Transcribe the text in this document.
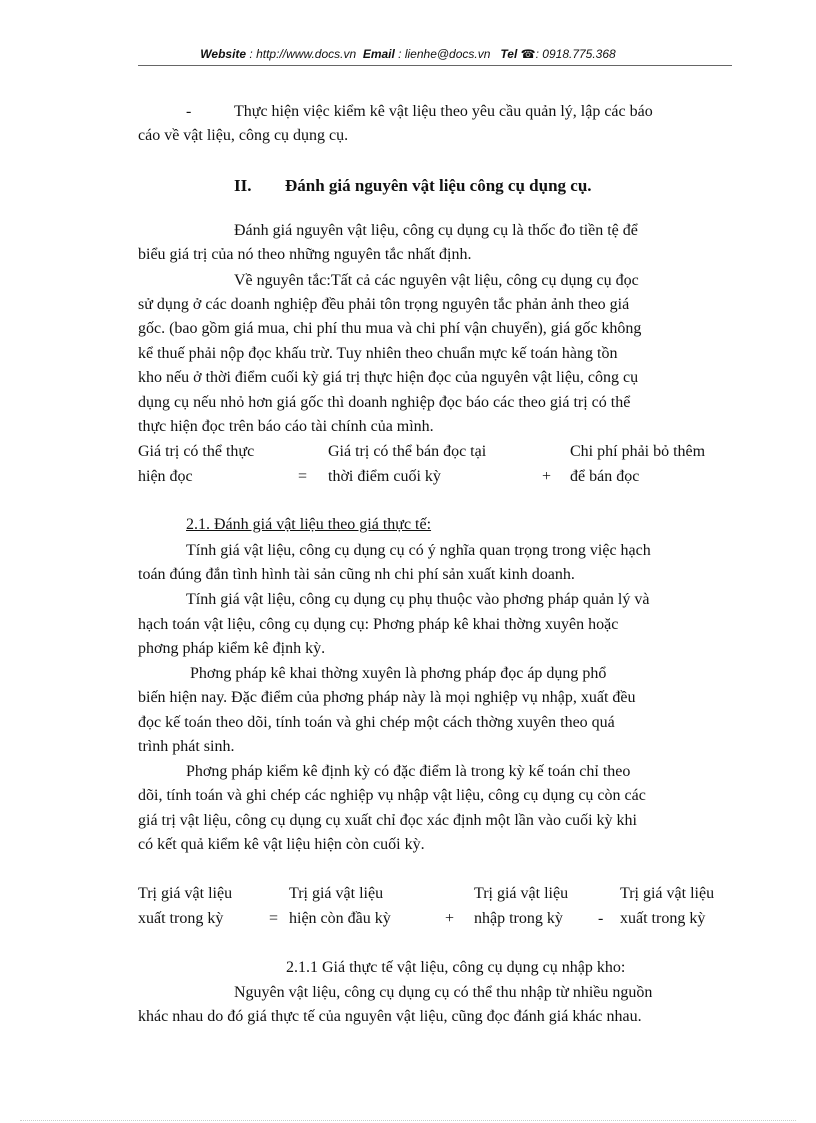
Website : http://www.docs.vn Email : lienhe@docs.vn Tel ☎: 0918.775.368
-	Thực hiện việc kiểm kê vật liệu theo yêu cầu quản lý, lập các báo
cáo về vật liệu, công cụ dụng cụ.
II. Đánh giá nguyên vật liệu công cụ dụng cụ.
Đánh giá nguyên vật liệu, công cụ dụng cụ là thốc đo tiền tệ để
biểu giá trị của nó theo những nguyên tắc nhất định.
Về nguyên tắc:Tất cả các nguyên vật liệu, công cụ dụng cụ đọc
sử dụng ở các doanh nghiệp đều phải tôn trọng nguyên tắc phản ảnh theo giá
gốc. (bao gồm giá mua, chi phí thu mua và chi phí vận chuyển), giá gốc không
kể thuế phải nộp đọc khấu trừ. Tuy nhiên theo chuẩn mực kế toán hàng tồn
kho nếu ở thời điểm cuối kỳ giá trị thực hiện đọc của nguyên vật liệu, công cụ
dụng cụ nếu nhỏ hơn giá gốc thì doanh nghiệp đọc báo các theo giá trị có thể
thực hiện đọc trên báo cáo tài chính của mình.
Giá trị có thể thực
hiện đọc	=
Giá trị có thể bán đọc tại
thời điểm cuối kỳ	+
Chi phí phải bỏ thêm
để bán đọc
2.1. Đánh giá vật liệu theo giá thực tế:
Tính giá vật liệu, công cụ dụng cụ có ý nghĩa quan trọng trong việc hạch
toán đúng đắn tình hình tài sản cũng nh chi phí sản xuất kinh doanh.
Tính giá vật liệu, công cụ dụng cụ phụ thuộc vào phơng pháp quản lý và
hạch toán vật liệu, công cụ dụng cụ: Phơng pháp kê khai thờng xuyên hoặc
phơng pháp kiểm kê định kỳ.
Phơng pháp kê khai thờng xuyên là phơng pháp đọc áp dụng phổ
biến hiện nay. Đặc điểm của phơng pháp này là mọi nghiệp vụ nhập, xuất đều
đọc kế toán theo dõi, tính toán và ghi chép một cách thờng xuyên theo quá
trình phát sinh.
Phơng pháp kiểm kê định kỳ có đặc điểm là trong kỳ kế toán chỉ theo
dõi, tính toán và ghi chép các nghiệp vụ nhập vật liệu, công cụ dụng cụ còn các
giá trị vật liệu, công cụ dụng cụ xuất chỉ đọc xác định một lần vào cuối kỳ khi
có kết quả kiểm kê vật liệu hiện còn cuối kỳ.
Trị giá vật liệu
xuất trong kỳ	=
Trị giá vật liệu
hiện còn đầu kỳ	+
Trị giá vật liệu
nhập trong kỳ -
Trị giá vật liệu
xuất trong kỳ
2.1.1 Giá thực tế vật liệu, công cụ dụng cụ nhập kho:
Nguyên vật liệu, công cụ dụng cụ có thể thu nhập từ nhiều nguồn
khác nhau do đó giá thực tế của nguyên vật liệu, cũng đọc đánh giá khác nhau.
